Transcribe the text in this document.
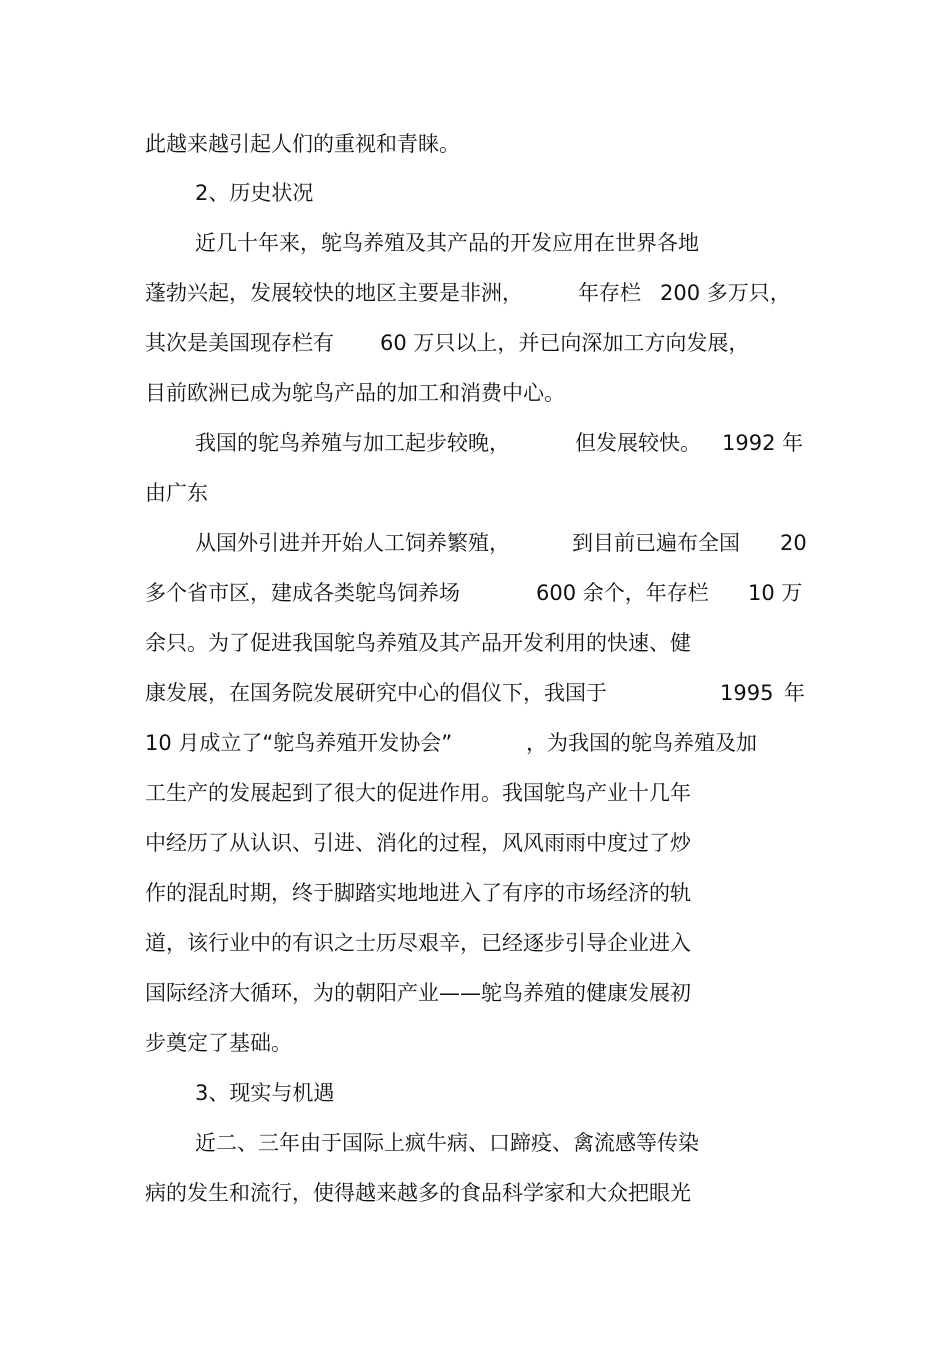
此越来越引起人们的重视和青睐。
2、历史状况
近几十年来，鸵鸟养殖及其产品的开发应用在世界各地
蓬勃兴起，发展较快的地区主要是非洲，	年存栏 200 多万只，
其次是美国现存栏有 60 万只以上，并已向深加工方向发展，
目前欧洲已成为鸵鸟产品的加工和消费中心。
我国的鸵鸟养殖与加工起步较晚，	但发展较快。 1992 年
由广东
从国外引进并开始人工饲养繁殖，	到目前已遍布全国 20
多个省市区，建成各类鸵鸟饲养场	600 余个，年存栏 10 万
余只。为了促进我国鸵鸟养殖及其产品开发利用的快速、健
康发展，在国务院发展研究中心的倡仪下，我国于	1995 年
10 月成立了“鸵鸟养殖开发协会”	，为我国的鸵鸟养殖及加
工生产的发展起到了很大的促进作用。我国鸵鸟产业十几年
中经历了从认识、引进、消化的过程，风风雨雨中度过了炒
作的混乱时期，终于脚踏实地地进入了有序的市场经济的轨
道，该行业中的有识之士历尽艰辛，已经逐步引导企业进入
国际经济大循环，为的朝阳产业——鸵鸟养殖的健康发展初
步奠定了基础。
3、现实与机遇
近二、三年由于国际上疯牛病、口蹄疫、禽流感等传染
病的发生和流行，使得越来越多的食品科学家和大众把眼光
